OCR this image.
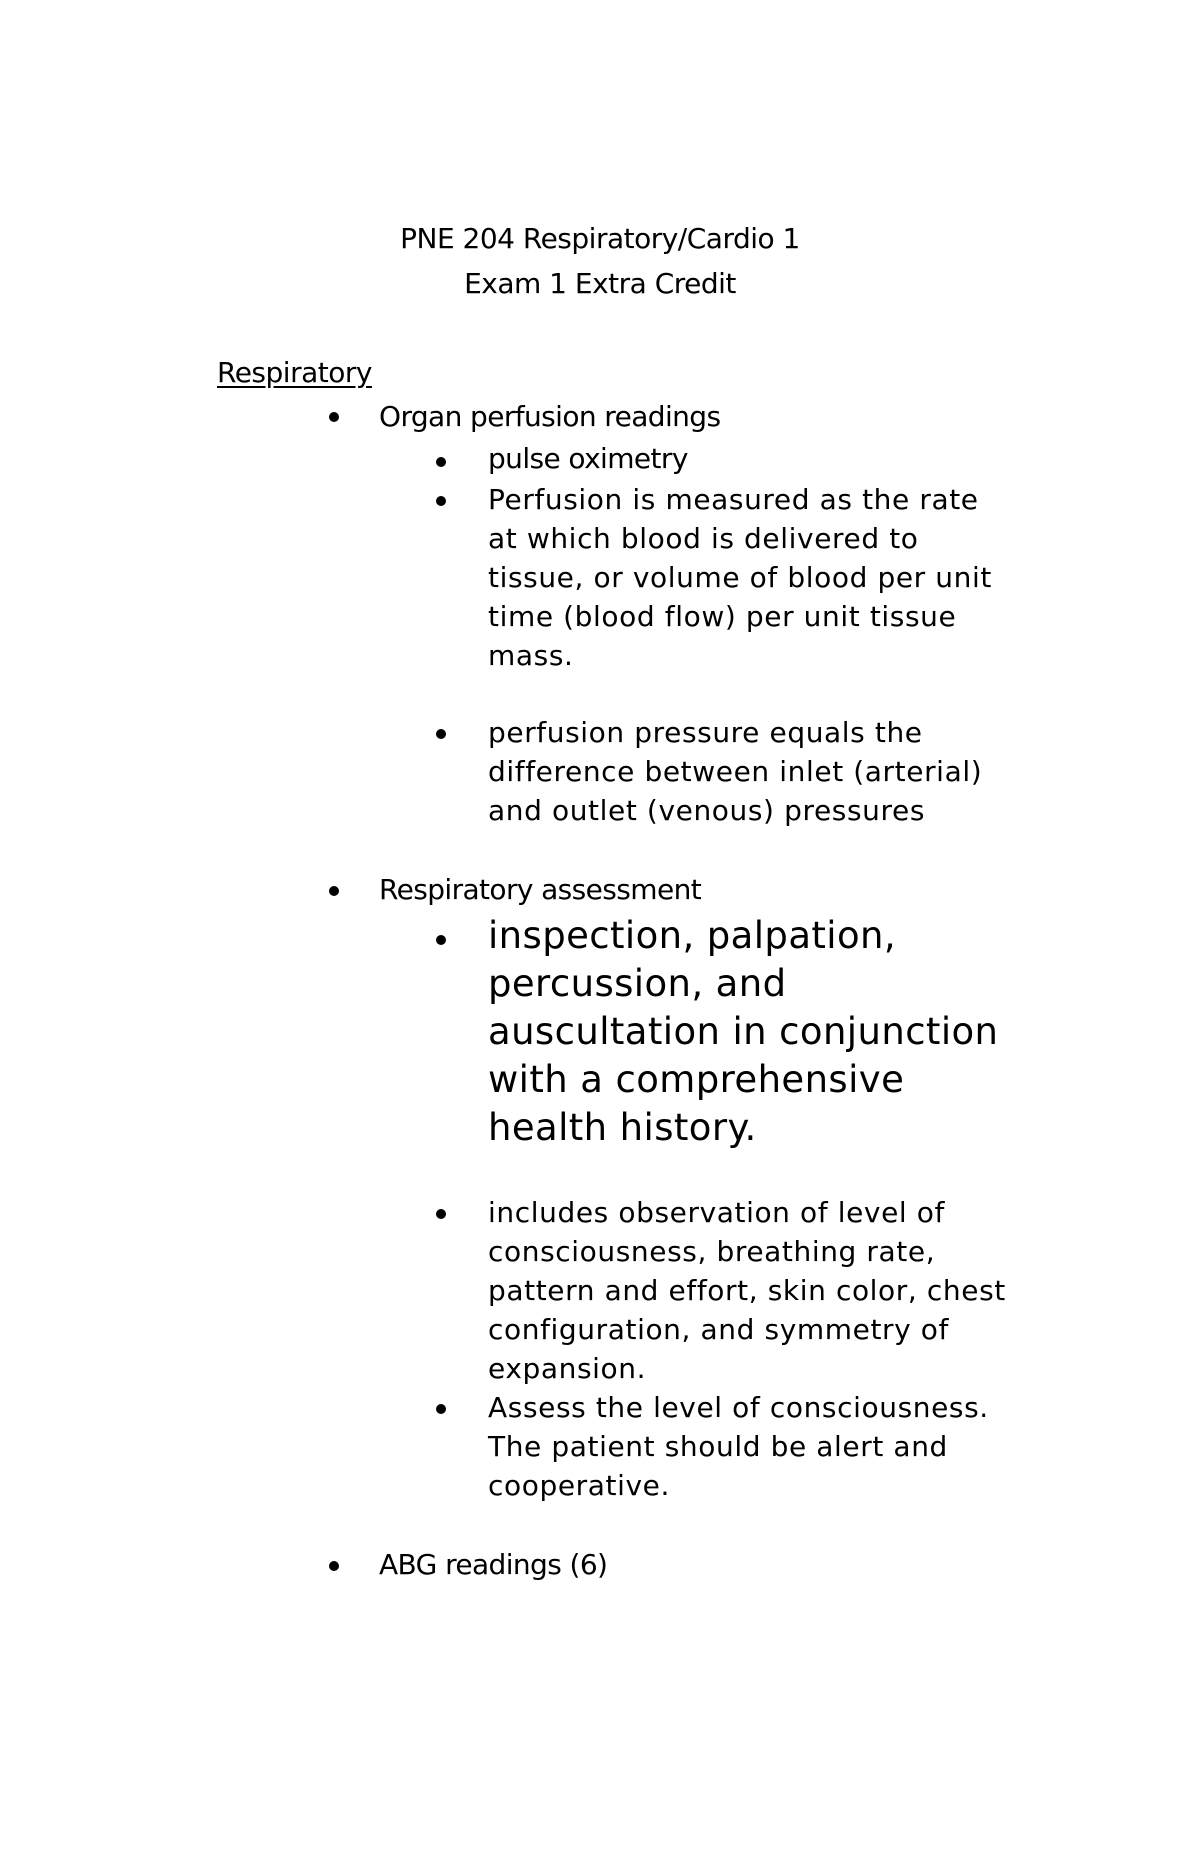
PNE 204 Respiratory/Cardio 1
Exam 1 Extra Credit
Respiratory
Organ perfusion readings
pulse oximetry
Perfusion is measured as the rate at which blood is delivered to tissue, or volume of blood per unit time (blood flow) per unit tissue mass.
perfusion pressure equals the difference between inlet (arterial) and outlet (venous) pressures
Respiratory assessment
inspection, palpation, percussion, and auscultation in conjunction with a comprehensive health history.
includes observation of level of consciousness, breathing rate, pattern and effort, skin color, chest configuration, and symmetry of expansion.
Assess the level of consciousness. The patient should be alert and cooperative.
ABG readings (6)
